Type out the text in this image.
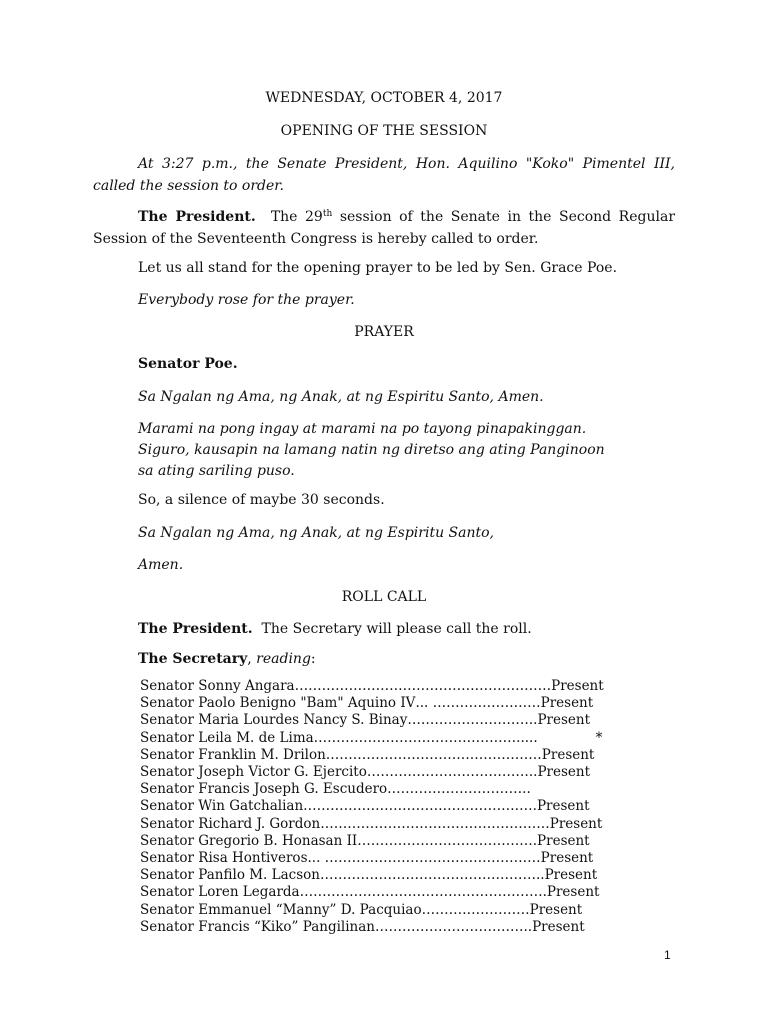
WEDNESDAY, OCTOBER 4, 2017
OPENING OF THE SESSION
At 3:27 p.m., the Senate President, Hon. Aquilino "Koko" Pimentel III,
called the session to order.
The President. The 29th session of the Senate in the Second Regular
Session of the Seventeenth Congress is hereby called to order.
Let us all stand for the opening prayer to be led by Sen. Grace Poe.
Everybody rose for the prayer.
PRAYER
Senator Poe.
Sa Ngalan ng Ama, ng Anak, at ng Espiritu Santo, Amen.
Marami na pong ingay at marami na po tayong pinapakinggan.
Siguro, kausapin na lamang natin ng diretso ang ating Panginoon
sa ating sariling puso.
So, a silence of maybe 30 seconds.
Sa Ngalan ng Ama, ng Anak, at ng Espiritu Santo,
Amen.
ROLL CALL
The President. The Secretary will please call the roll.
The Secretary, reading:
Senator Sonny Angara ………………………………………………… Present
Senator Paolo Benigno "Bam" Aquino IV ... …………………… Present
Senator Maria Lourdes Nancy S. Binay ……………………….. Present
Senator Leila M. de Lima ……………………………………….....	*
Senator Franklin M. Drilon ………………………………………… Present
Senator Joseph Victor G. Ejercito ……………………………….. Present
Senator Francis Joseph G. Escudero …………………………..
Senator Win Gatchalian ……………………………………………. Present
Senator Richard J. Gordon …………………………………………… Present
Senator Gregorio B. Honasan II …………………………………. Present
Senator Risa Hontiveros ... ………………………………………… Present
Senator Panfilo M. Lacson ………………………………………….. Present
Senator Loren Legarda ………………………………………………. Present
Senator Emmanuel “Manny” D. Pacquiao …………………… Present
Senator Francis “Kiko” Pangilinan …………………………….. Present
1
